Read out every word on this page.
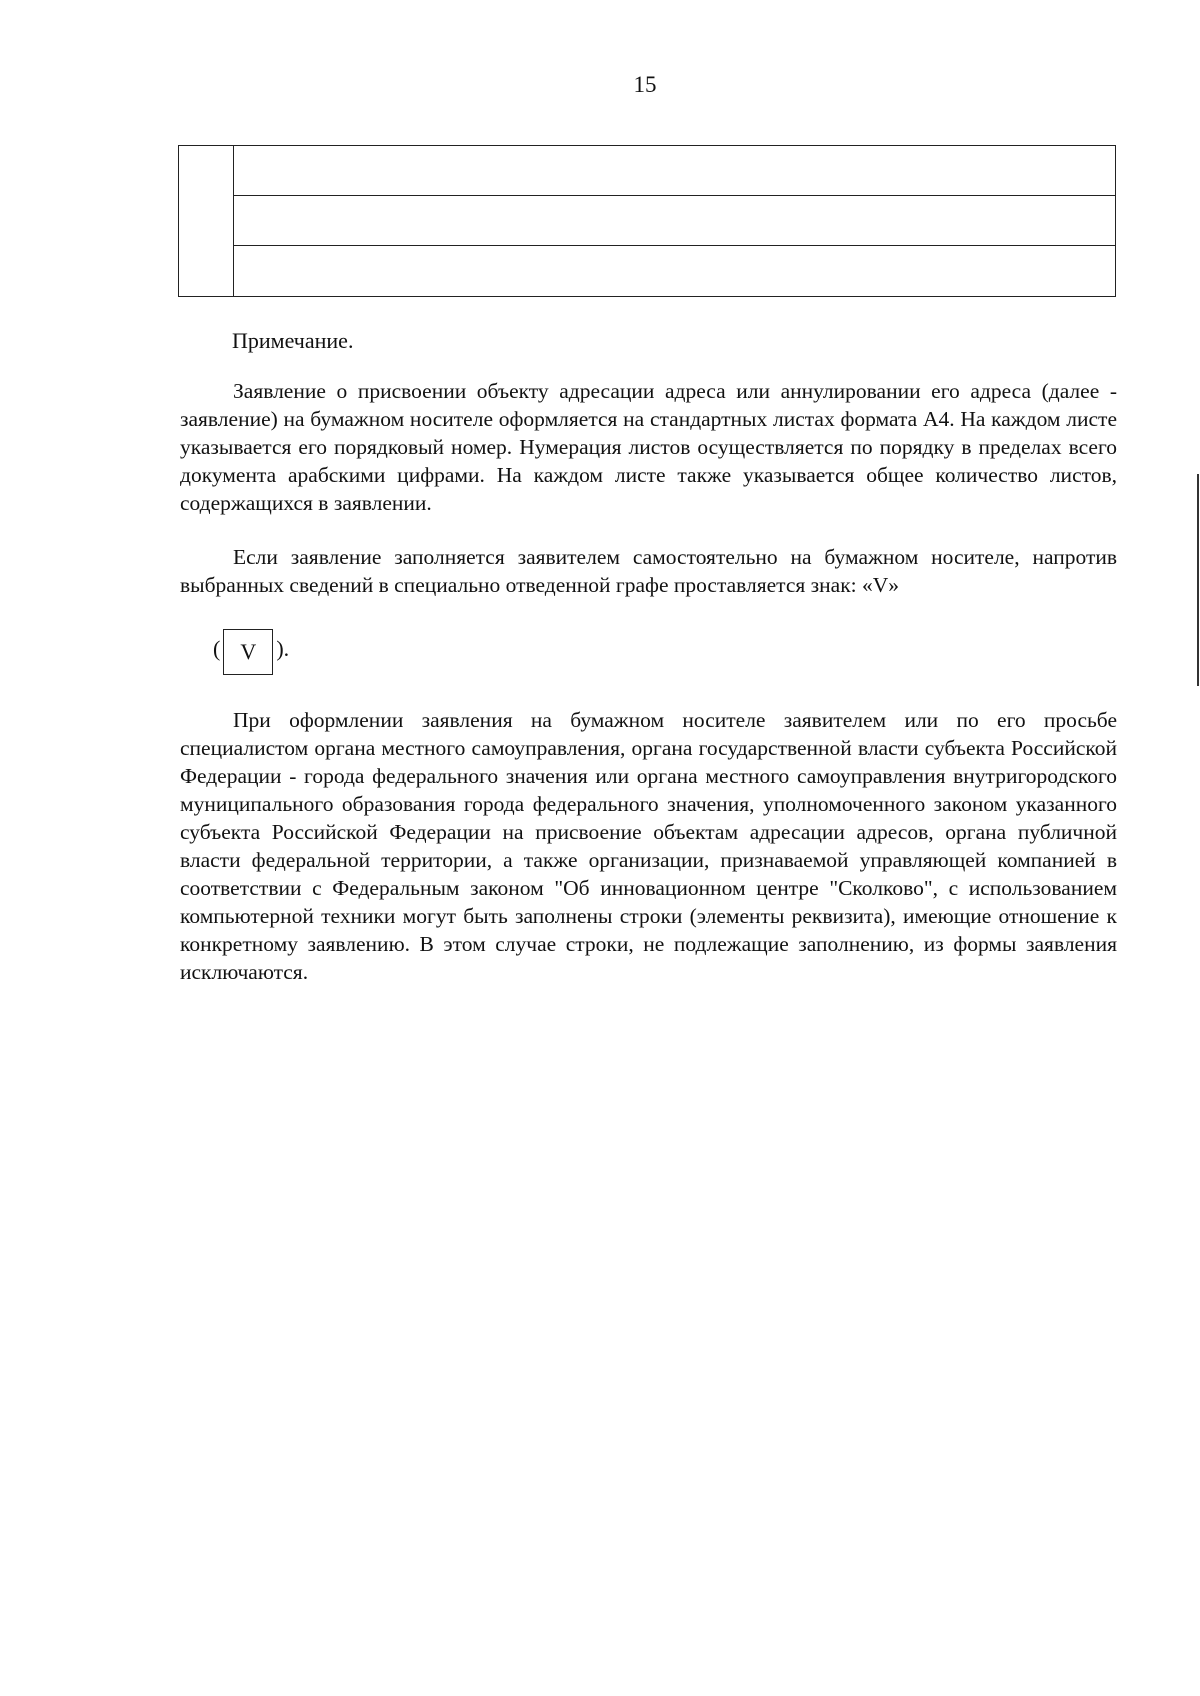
15
Примечание.

Заявление о присвоении объекту адресации адреса или аннулировании его адреса (далее - заявление) на бумажном носителе оформляется на стандартных листах формата А4. На каждом листе указывается его порядковый номер. Нумерация листов осуществляется по порядку в пределах всего документа арабскими цифрами. На каждом листе также указывается общее количество листов, содержащихся в заявлении.

Если заявление заполняется заявителем самостоятельно на бумажном носителе, напротив выбранных сведений в специально отведенной графе проставляется знак: «V»

( V ).

При оформлении заявления на бумажном носителе заявителем или по его просьбе специалистом органа местного самоуправления, органа государственной власти субъекта Российской Федерации - города федерального значения или органа местного самоуправления внутригородского муниципального образования города федерального значения, уполномоченного законом указанного субъекта Российской Федерации на присвоение объектам адресации адресов, органа публичной власти федеральной территории, а также организации, признаваемой управляющей компанией в соответствии с Федеральным законом "Об инновационном центре "Сколково", с использованием компьютерной техники могут быть заполнены строки (элементы реквизита), имеющие отношение к конкретному заявлению. В этом случае строки, не подлежащие заполнению, из формы заявления исключаются.
